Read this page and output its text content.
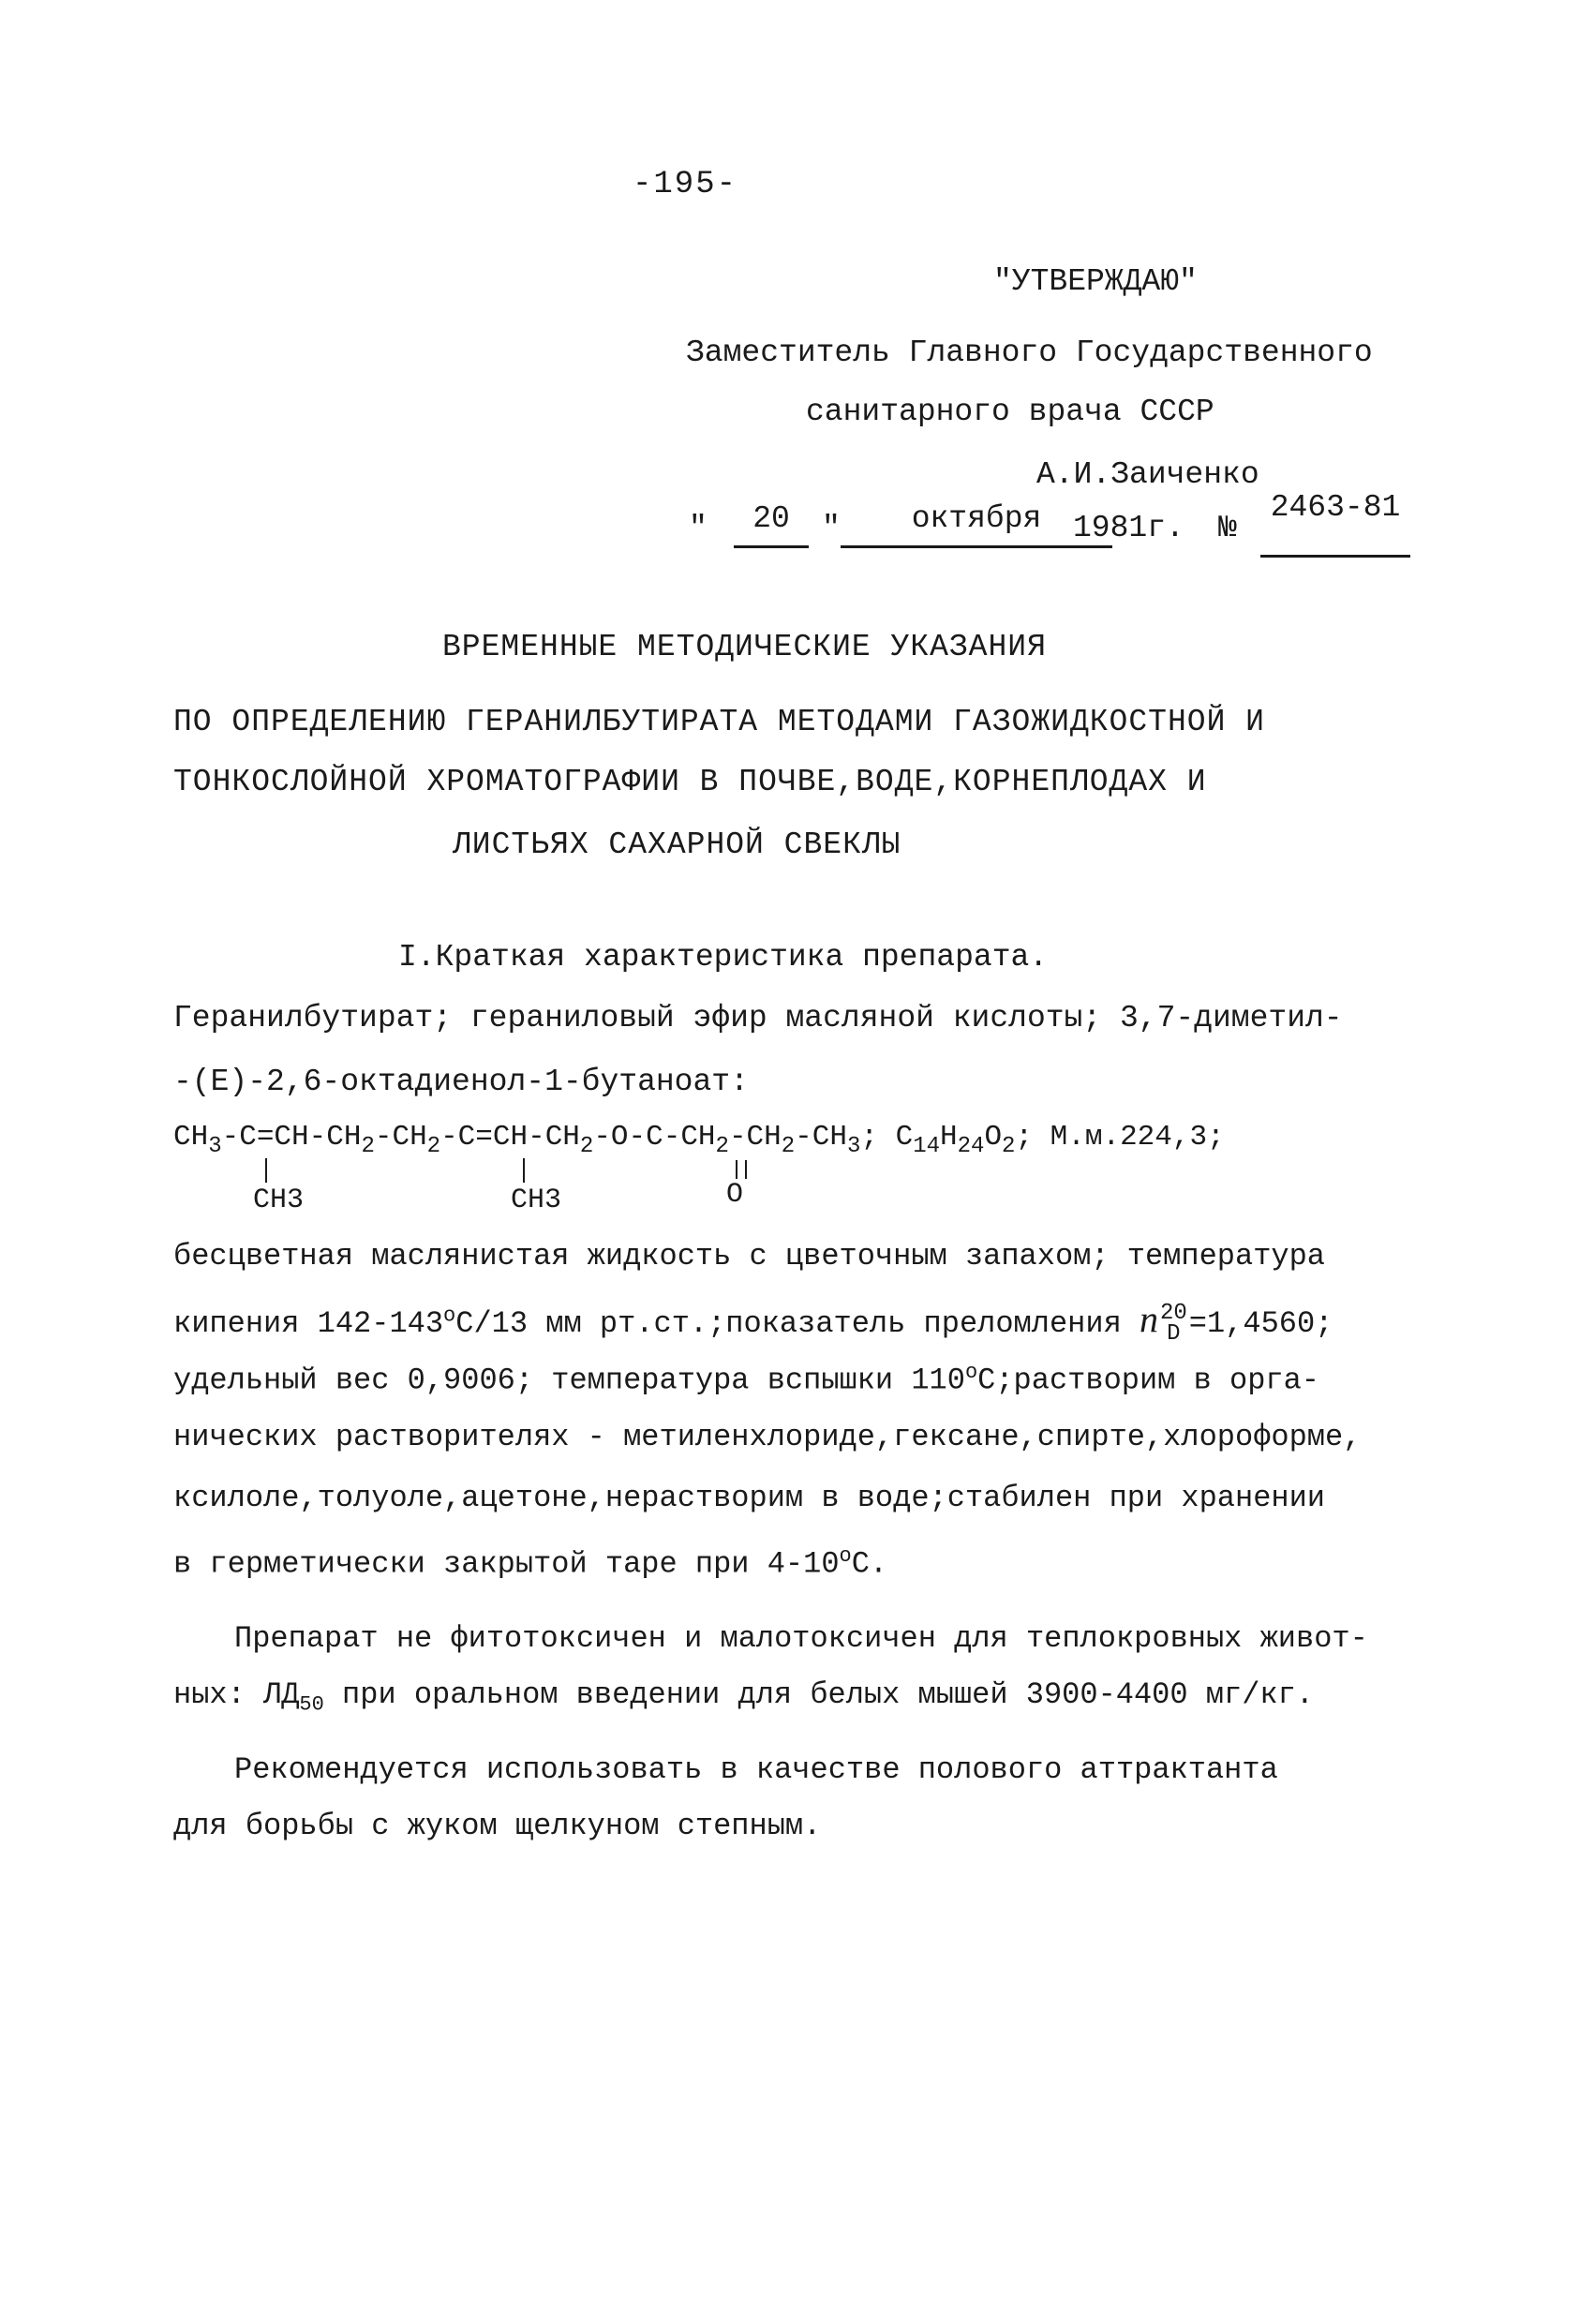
-195-
"УТВЕРЖДАЮ"
Заместитель Главного Государственного
санитарного врача СССР
А.И.Заиченко
"	20	"	октября	1981г. №
2463-81
ВРЕМЕННЫЕ МЕТОДИЧЕСКИЕ УКАЗАНИЯ
ПО ОПРЕДЕЛЕНИЮ ГЕРАНИЛБУТИРАТА МЕТОДАМИ ГАЗОЖИДКОСТНОЙ И
ТОНКОСЛОЙНОЙ ХРОМАТОГРАФИИ В ПОЧВЕ,ВОДЕ,КОРНЕПЛОДАХ И
ЛИСТЬЯХ САХАРНОЙ СВЕКЛЫ
I.Краткая характеристика препарата.
Геранилбутират; гераниловый эфир масляной кислоты; 3,7-диметил-
-(E)-2,6-октадиенол-1-бутаноат:
$CH_3-C=CH-CH_2-CH_2-C=CH-CH_2-O-C-CH_2-CH_2-CH_3$; $C_{14}H_{24}O_2$; М.м.224,3;
CH3	CH3	O
бесцветная маслянистая жидкость с цветочным запахом; температура
кипения 142-143$^o$C/13 мм рт.ст.;показатель преломления n20
D =1,4560;
удельный вес 0,9006; температура вспышки 110$^o$C;растворим в орга-
нических растворителях - метиленхлориде,гексане,спирте,хлороформе,
ксилоле,толуоле,ацетоне,нерастворим в воде;стабилен при хранении
в герметически закрытой таре при 4-10$^o$C.
Препарат не фитотоксичен и малотоксичен для теплокровных живот-
ных: $ЛД_{50}$ при оральном введении для белых мышей 3900-4400 мг/кг.
Рекомендуется использовать в качестве полового аттрактанта
для борьбы с жуком щелкуном степным.
